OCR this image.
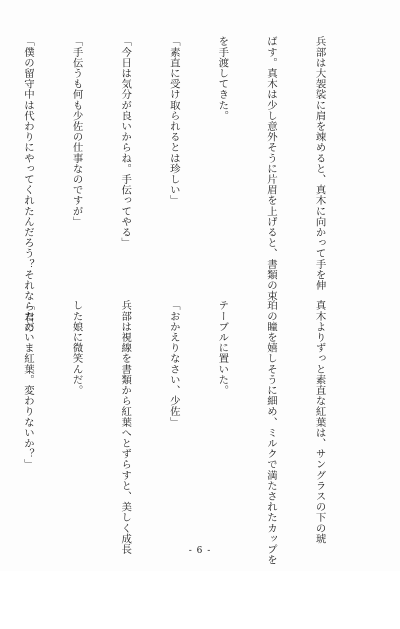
兵部は大袈裟に肩を竦めると、真木に向かって手を伸

ばす。真木は少し意外そうに片眉を上げると、書類の束

を手渡してきた。

「素直に受け取られるとは珍しい」

「今日は気分が良いからね。手伝ってやる」

「手伝うも何も少佐の仕事なのですが」

「僕の留守中は代わりにやってくれたんだろう？それなら君の

真木よりずっと素直な紅葉は、サングラスの下の琥

珀の瞳を嬉しそうに細め、ミルクで満たされたカップを

テーブルに置いた。

「おかえりなさい、少佐」

兵部は視線を書類から紅葉へとずらすと、美しく成長

した娘に微笑んだ。

「ただいま紅葉。変わりないか？」

‐ 6 ‐
